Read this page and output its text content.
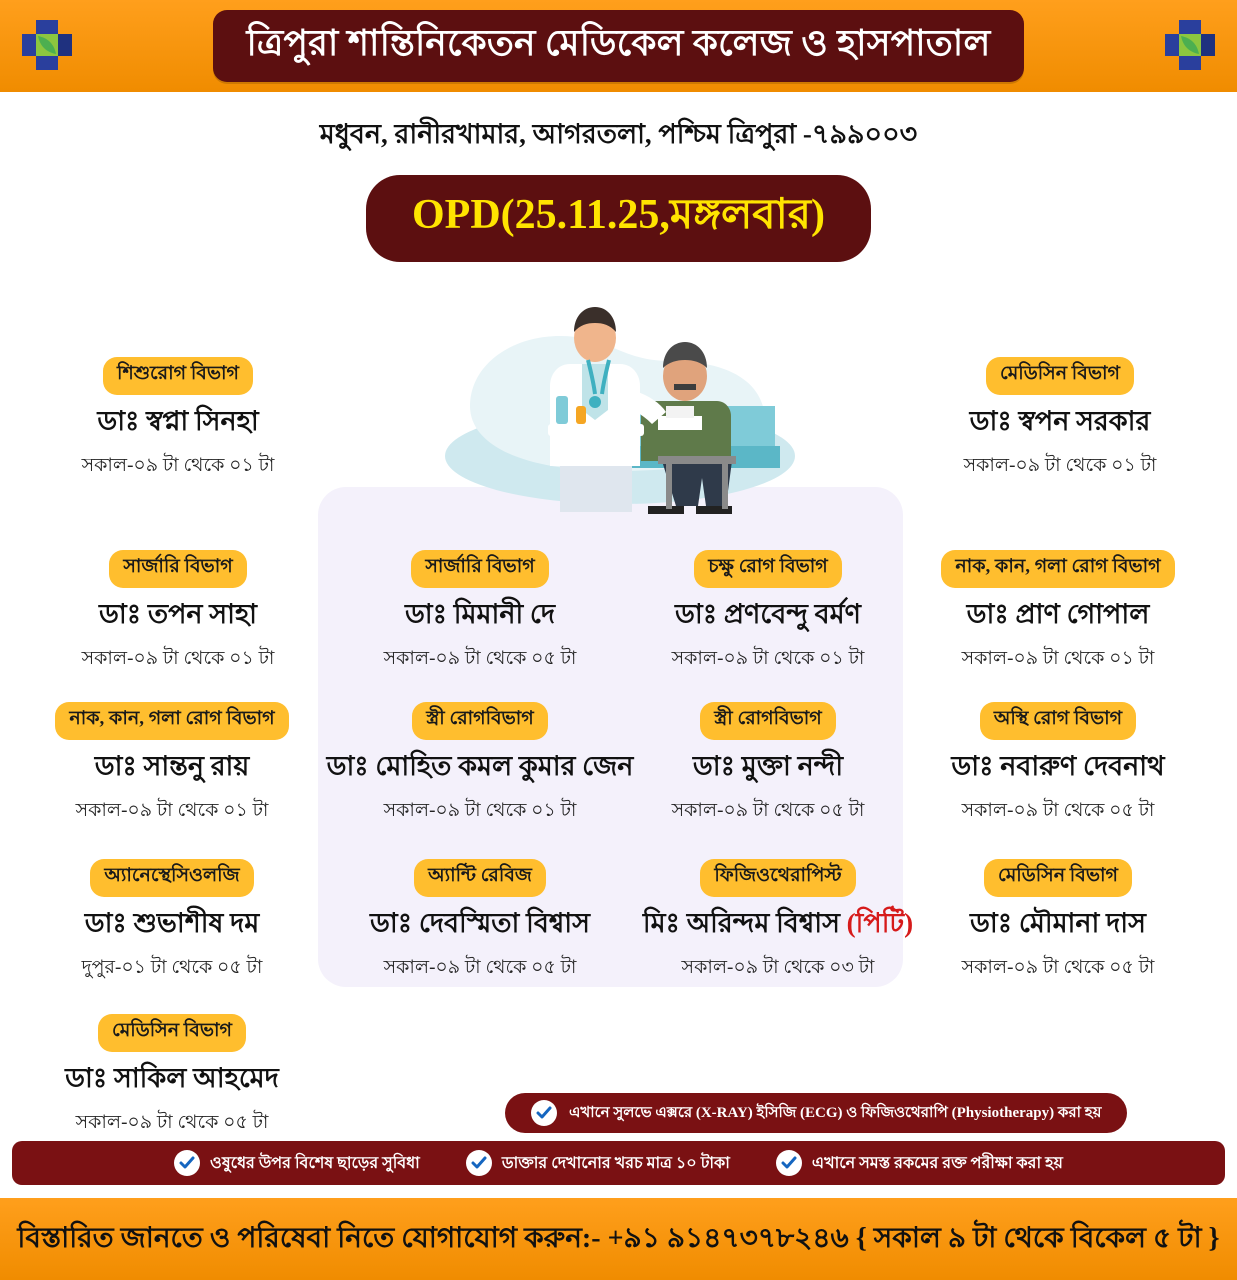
ত্রিপুরা শান্তিনিকেতন মেডিকেল কলেজ ও হাসপাতাল
মধুবন, রানীরখামার, আগরতলা, পশ্চিম ত্রিপুরা -৭৯৯০০৩
OPD(25.11.25,মঙ্গলবার)
শিশুরোগ বিভাগ
ডাঃ স্বপ্না সিনহা
সকাল-০৯ টা থেকে ০১ টা
মেডিসিন বিভাগ
ডাঃ স্বপন সরকার
সকাল-০৯ টা থেকে ০১ টা
সার্জারি বিভাগ
ডাঃ তপন সাহা
সকাল-০৯ টা থেকে ০১ টা
সার্জারি বিভাগ
ডাঃ মিমানী দে
সকাল-০৯ টা থেকে ০৫ টা
চক্ষু রোগ বিভাগ
ডাঃ প্রণবেন্দু বর্মণ
সকাল-০৯ টা থেকে ০১ টা
নাক, কান, গলা রোগ বিভাগ
ডাঃ প্রাণ গোপাল
সকাল-০৯ টা থেকে ০১ টা
নাক, কান, গলা রোগ বিভাগ
ডাঃ সান্তনু রায়
সকাল-০৯ টা থেকে ০১ টা
স্ত্রী রোগবিভাগ
ডাঃ মোহিত কমল কুমার জেন
সকাল-০৯ টা থেকে ০১ টা
স্ত্রী রোগবিভাগ
ডাঃ মুক্তা নন্দী
সকাল-০৯ টা থেকে ০৫ টা
অস্থি রোগ বিভাগ
ডাঃ নবারুণ দেবনাথ
সকাল-০৯ টা থেকে ০৫ টা
অ্যানেস্থেসিওলজি
ডাঃ শুভাশীষ দম
দুপুর-০১ টা থেকে ০৫ টা
অ্যান্টি রেবিজ
ডাঃ দেবস্মিতা বিশ্বাস
সকাল-০৯ টা থেকে ০৫ টা
ফিজিওথেরাপিস্ট
মিঃ অরিন্দম বিশ্বাস (পিটি)
সকাল-০৯ টা থেকে ০৩ টা
মেডিসিন বিভাগ
ডাঃ মৌমানা দাস
সকাল-০৯ টা থেকে ০৫ টা
মেডিসিন বিভাগ
ডাঃ সাকিল আহমেদ
সকাল-০৯ টা থেকে ০৫ টা	এখানে সুলভে এক্সরে (X-RAY) ইসিজি (ECG) ও ফিজিওথেরাপি (Physiotherapy) করা হয়
ওষুধের উপর বিশেষ ছাড়ের সুবিধা	ডাক্তার দেখানোর খরচ মাত্র ১০ টাকা	এখানে সমস্ত রকমের রক্ত পরীক্ষা করা হয়
বিস্তারিত জানতে ও পরিষেবা নিতে যোগাযোগ করুন:- +৯১ ৯১৪৭৩৭৮২৪৬ { সকাল ৯ টা থেকে বিকেল ৫ টা }
